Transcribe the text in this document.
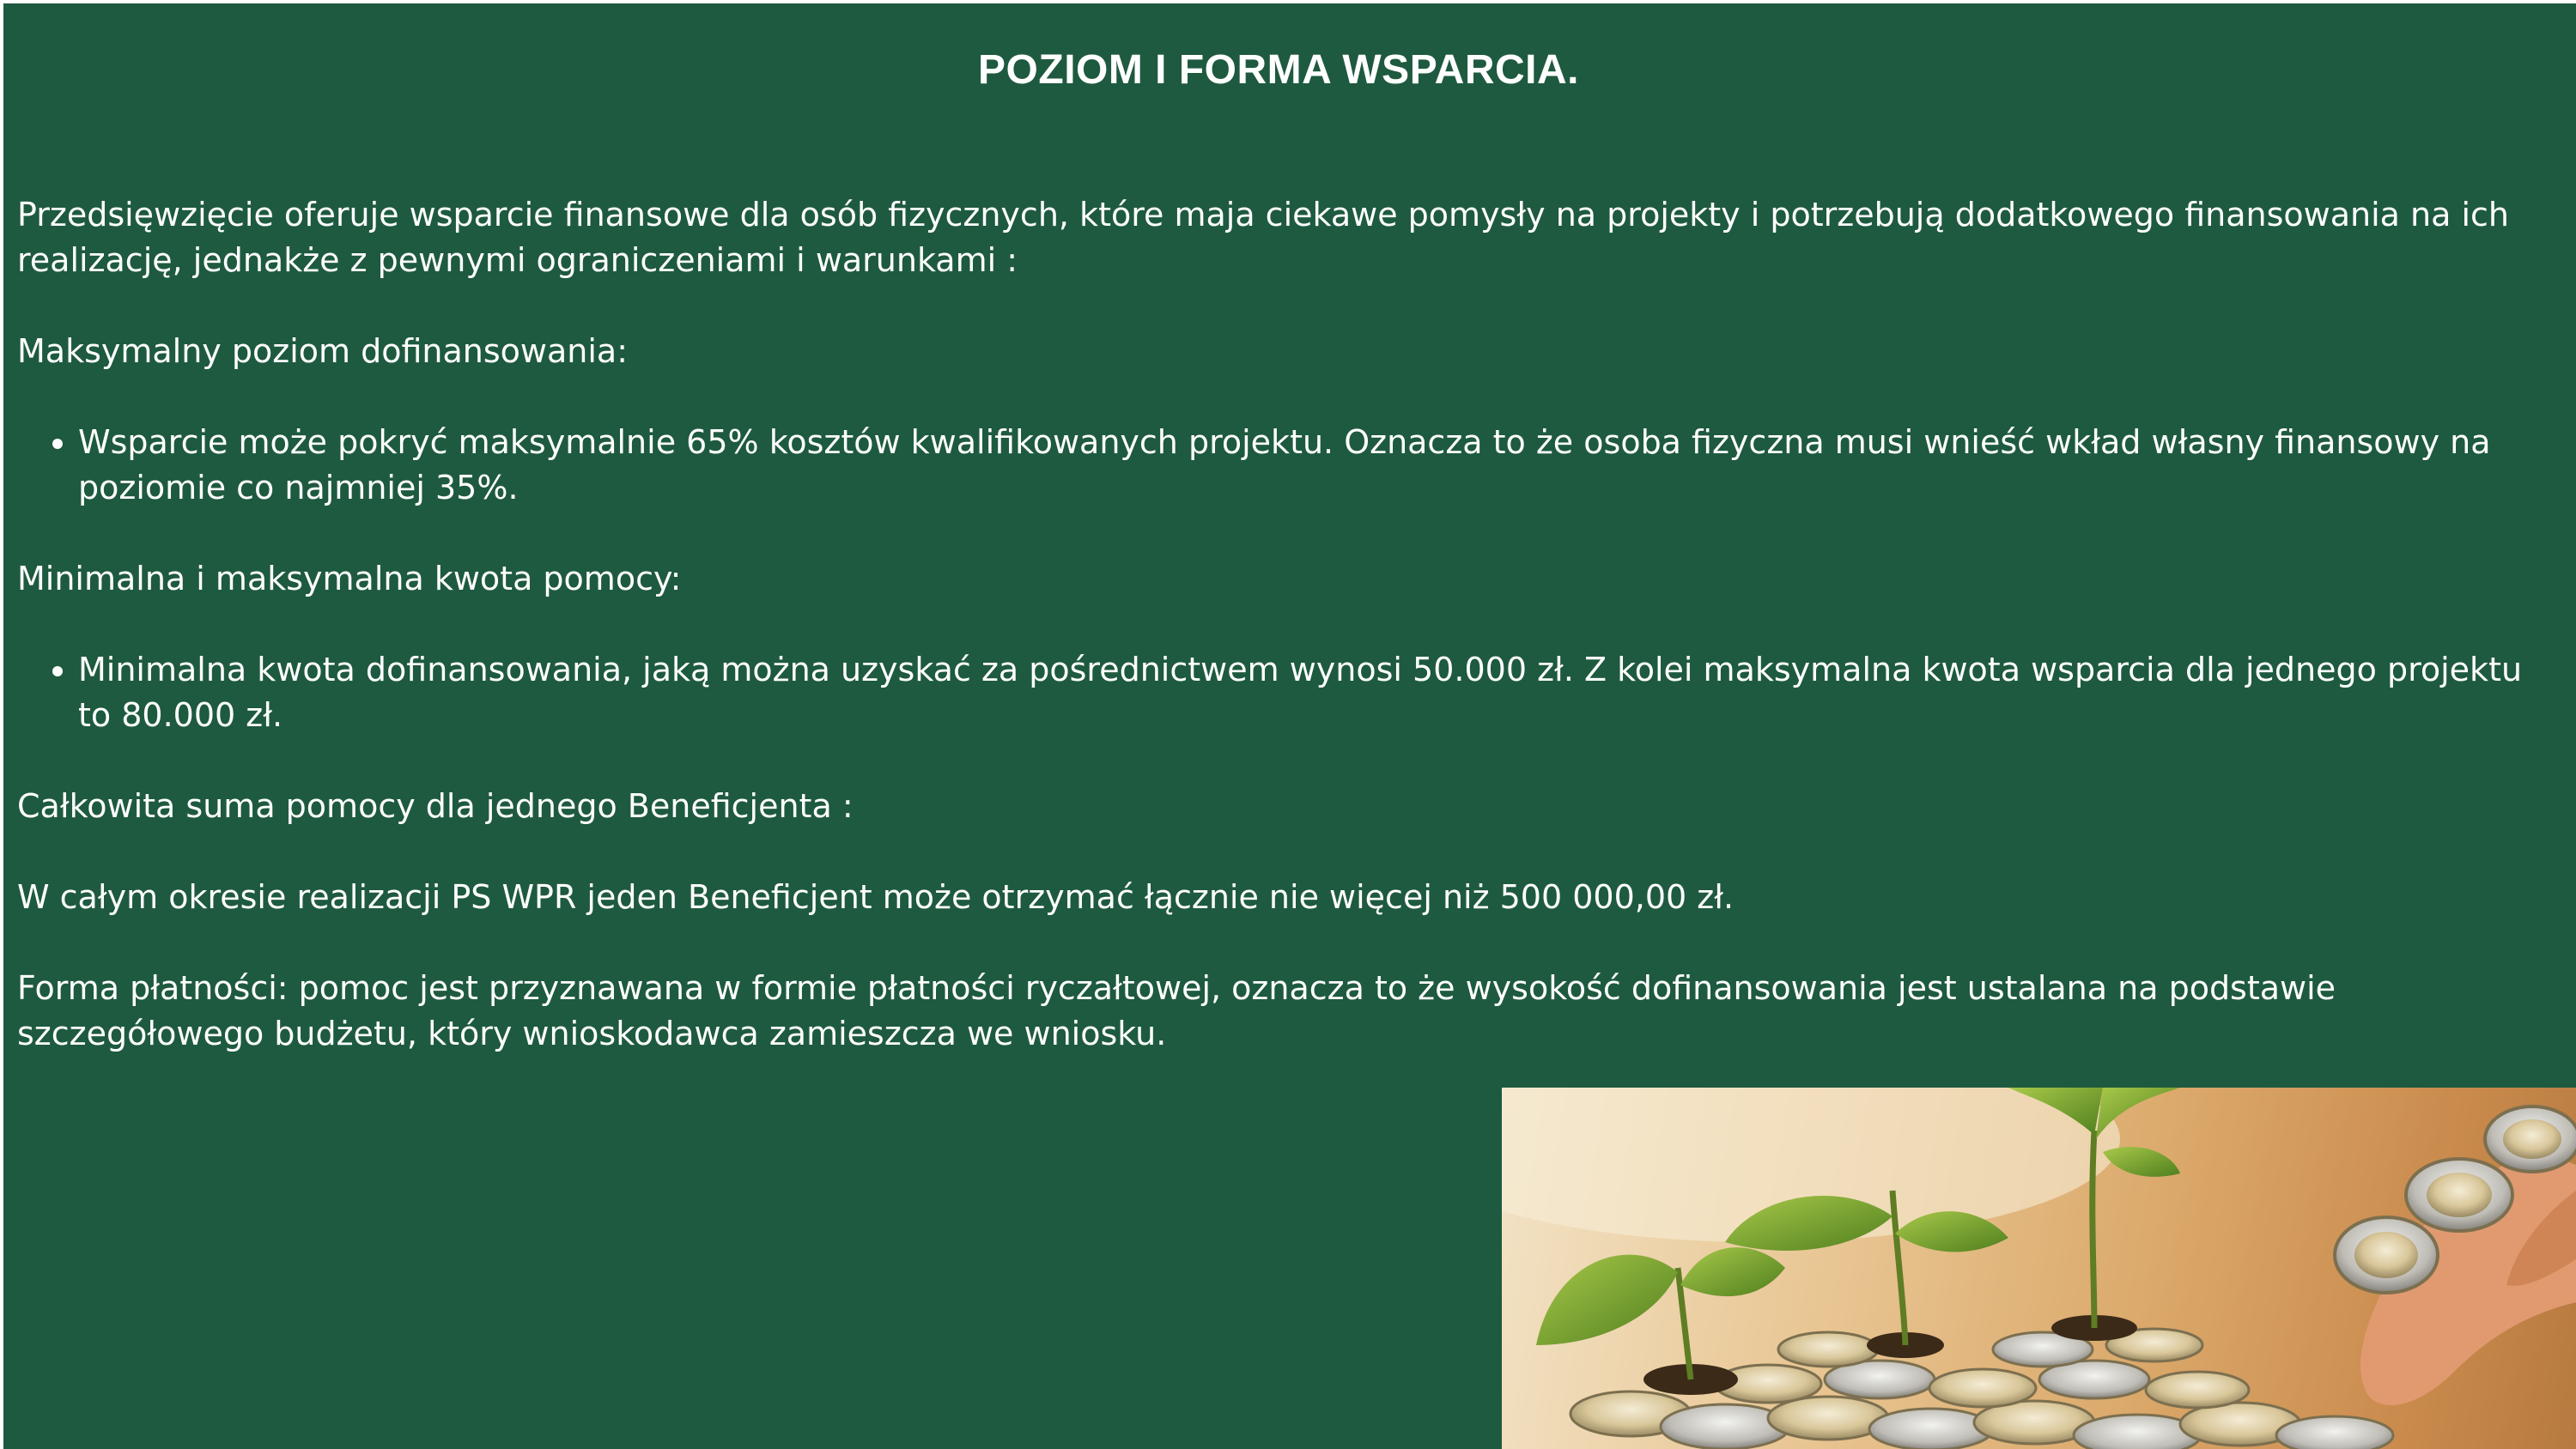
POZIOM I FORMA WSPARCIA.

Przedsięwzięcie oferuje wsparcie finansowe dla osób fizycznych, które maja ciekawe pomysły na projekty i potrzebują dodatkowego finansowania na ich realizację, jednakże z pewnymi ograniczeniami i warunkami :

Maksymalny poziom dofinansowania:

• Wsparcie może pokryć maksymalnie 65% kosztów kwalifikowanych projektu. Oznacza to że osoba fizyczna musi wnieść wkład własny finansowy na poziomie co najmniej 35%.

Minimalna i maksymalna kwota pomocy:

• Minimalna kwota dofinansowania, jaką można uzyskać za pośrednictwem wynosi 50.000 zł. Z kolei maksymalna kwota wsparcia dla jednego projektu to 80.000 zł.

Całkowita suma pomocy dla jednego Beneficjenta :

W całym okresie realizacji PS WPR jeden Beneficjent może otrzymać łącznie nie więcej niż 500 000,00 zł.

Forma płatności: pomoc jest przyznawana w formie płatności ryczałtowej, oznacza to że wysokość dofinansowania jest ustalana na podstawie szczegółowego budżetu, który wnioskodawca zamieszcza we wniosku.
